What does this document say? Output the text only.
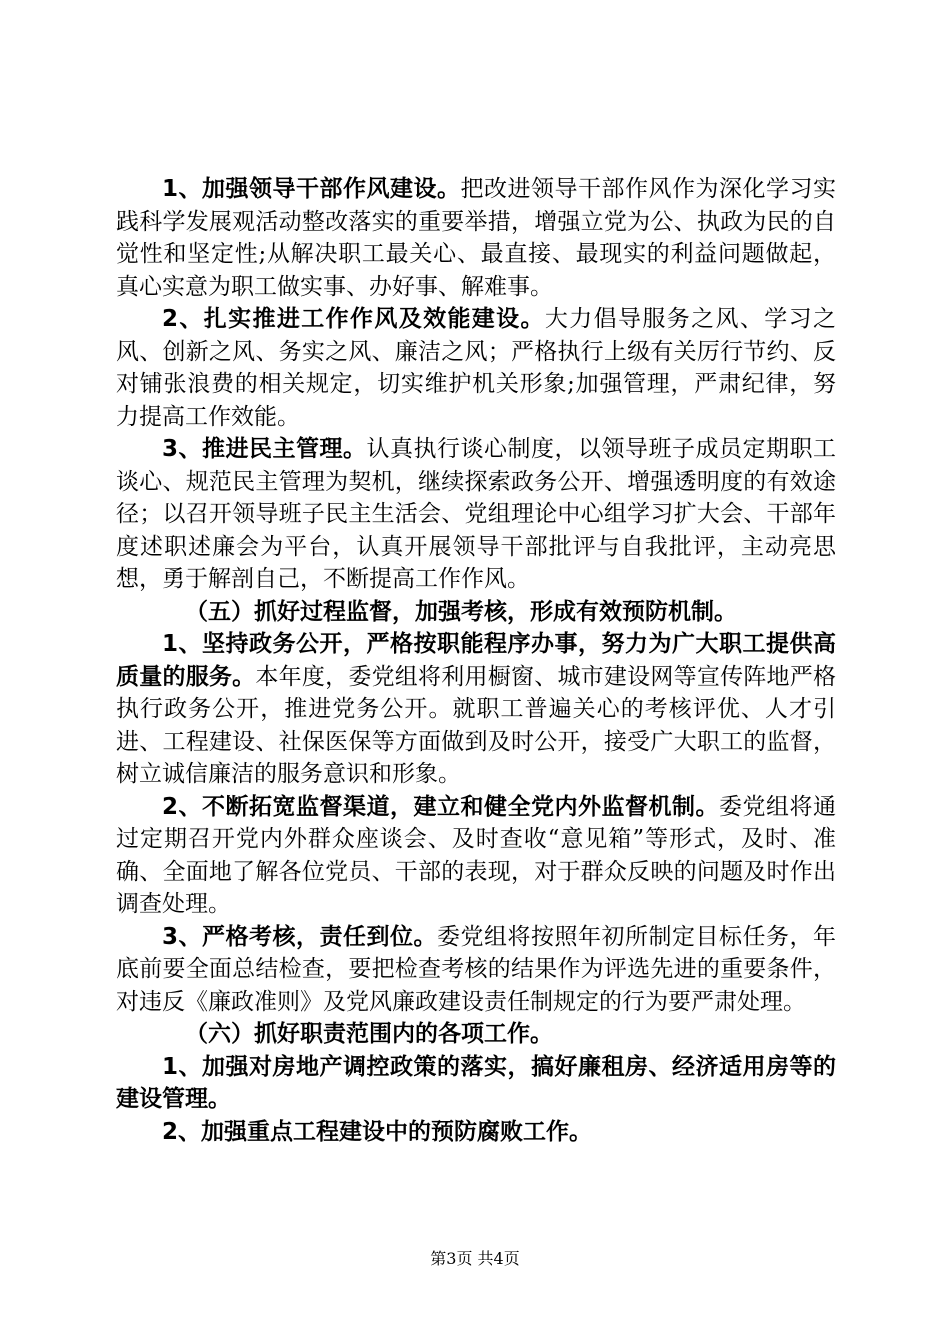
1、加强领导干部作风建设。把改进领导干部作风作为深化学习实践科学发展观活动整改落实的重要举措，增强立党为公、执政为民的自觉性和坚定性;从解决职工最关心、最直接、最现实的利益问题做起，真心实意为职工做实事、办好事、解难事。

2、扎实推进工作作风及效能建设。大力倡导服务之风、学习之风、创新之风、务实之风、廉洁之风；严格执行上级有关厉行节约、反对铺张浪费的相关规定，切实维护机关形象;加强管理，严肃纪律，努力提高工作效能。

3、推进民主管理。认真执行谈心制度，以领导班子成员定期职工谈心、规范民主管理为契机，继续探索政务公开、增强透明度的有效途径；以召开领导班子民主生活会、党组理论中心组学习扩大会、干部年度述职述廉会为平台，认真开展领导干部批评与自我批评，主动亮思想，勇于解剖自己，不断提高工作作风。

（五）抓好过程监督，加强考核，形成有效预防机制。

1、坚持政务公开，严格按职能程序办事，努力为广大职工提供高质量的服务。本年度，委党组将利用橱窗、城市建设网等宣传阵地严格执行政务公开，推进党务公开。就职工普遍关心的考核评优、人才引进、工程建设、社保医保等方面做到及时公开，接受广大职工的监督，树立诚信廉洁的服务意识和形象。

2、不断拓宽监督渠道，建立和健全党内外监督机制。委党组将通过定期召开党内外群众座谈会、及时查收“意见箱”等形式，及时、准确、全面地了解各位党员、干部的表现，对于群众反映的问题及时作出调查处理。

3、严格考核，责任到位。委党组将按照年初所制定目标任务，年底前要全面总结检查，要把检查考核的结果作为评选先进的重要条件，对违反《廉政准则》及党风廉政建设责任制规定的行为要严肃处理。

（六）抓好职责范围内的各项工作。

1、加强对房地产调控政策的落实，搞好廉租房、经济适用房等的建设管理。

2、加强重点工程建设中的预防腐败工作。

第3页 共4页
